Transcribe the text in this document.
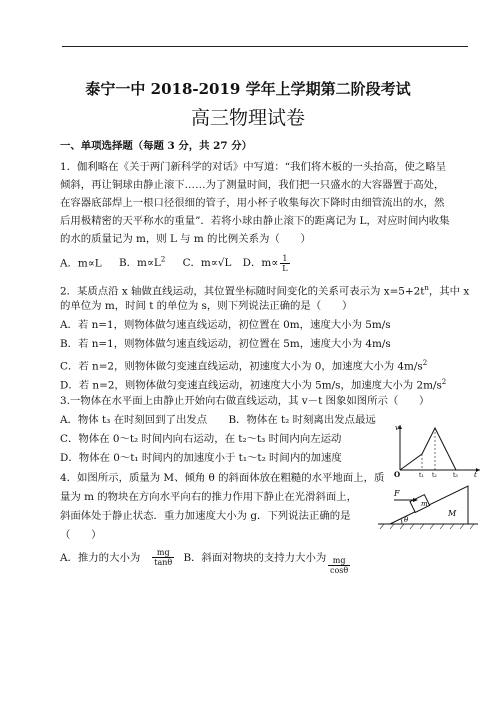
泰宁一中 2018-2019 学年上学期第二阶段考试
高三物理试卷
一、单项选择题（每题 3 分，共 27 分）
1．伽利略在《关于两门新科学的对话》中写道：“我们将木板的一头抬高，使之略呈
倾斜，再让铜球由静止滚下……为了测量时间，我们把一只盛水的大容器置于高处，
在容器底部焊上一根口径很细的管子，用小杯子收集每次下降时由细管流出的水，然
后用极精密的天平称水的重量”．若将小球由静止滚下的距离记为 L，对应时间内收集
的水的质量记为 m，则 L 与 m 的比例关系为（　　）
A．m∝L B．$m\propto L^2$ C．m∝√L D．$m\propto \frac{1}{L}$
2．某质点沿 x 轴做直线运动，其位置坐标随时间变化的关系可表示为 $x=5+2t^n$，其中 x
的单位为 m，时间 t 的单位为 s，则下列说法正确的是（　　）
A．若 n=1，则物体做匀速直线运动，初位置在 0m，速度大小为 5m/s
B．若 n=1，则物体做匀速直线运动，初位置在 5m，速度大小为 4m/s
C．若 n=2，则物体做匀变速直线运动，初速度大小为 0，加速度大小为 $4m/s^2$
D．若 n=2，则物体做匀变速直线运动，初速度大小为 5m/s，加速度大小为 $2m/s^2$
3.一物体在水平面上由静止开始向右做直线运动，其 v－t 图象如图所示（　　）
A．物体 t₃ 在时刻回到了出发点 B．物体在 t₂ 时刻离出发点最远
C．物体在 0～t₂ 时间内向右运动，在 t₂～t₃ 时间内向左运动
D．物体在 0～t₁ 时间内的加速度小于 t₁～t₂ 时间内的加速度
v
O	t₁ t₂	t₃ t
4．如图所示，质量为 M、倾角 θ 的斜面体放在粗糙的水平地面上，质
量为 m 的物块在方向水平向右的推力作用下静止在光滑斜面上，
斜面体处于静止状态．重力加速度大小为 g．下列说法正确的是
（　　）
F
m
M
θ
A．推力的大小为 $\frac{mg}{\tan\theta}$ B．斜面对物块的支持力大小为 $\frac{mg}{\cos\theta}$
